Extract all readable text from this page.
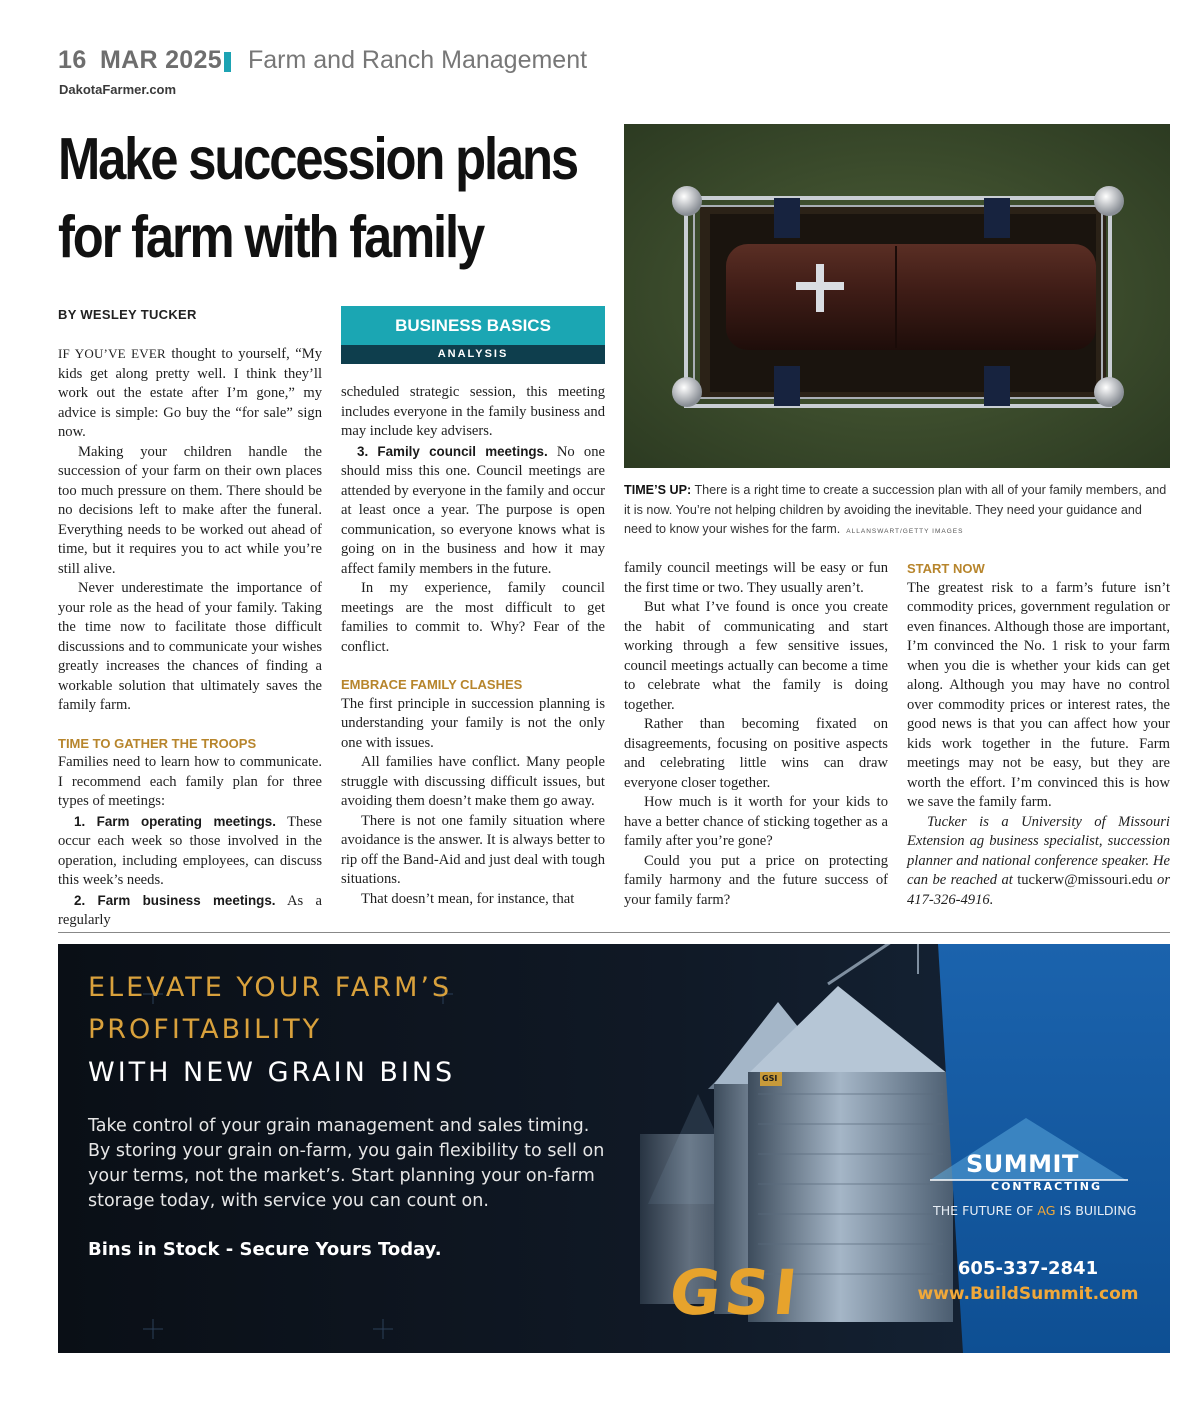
16 MAR 2025 Farm and Ranch Management
DakotaFarmer.com
Make succession plans
for farm with family
BY WESLEY TUCKER
BUSINESS BASICS
ANALYSIS

IF YOU’VE EVER thought to yourself, “My kids get along pretty well. I think they’ll work out the estate after I’m gone,” my advice is simple: Go buy the “for sale” sign now.

Making your children handle the succession of your farm on their own places too much pressure on them. There should be no decisions left to make after the funeral. Everything needs to be worked out ahead of time, but it requires you to act while you’re still alive.

Never underestimate the importance of your role as the head of your family. Taking the time now to facilitate those difficult discussions and to communicate your wishes greatly increases the chances of finding a workable solution that ultimately saves the family farm.

TIME TO GATHER THE TROOPS

Families need to learn how to communicate. I recommend each family plan for three types of meetings:

1. Farm operating meetings. These occur each week so those involved in the operation, including employees, can discuss this week’s needs.

2. Farm business meetings. As a regularly

scheduled strategic session, this meeting includes everyone in the family business and may include key advisers.

3. Family council meetings. No one should miss this one. Council meetings are attended by everyone in the family and occur at least once a year. The purpose is open communication, so everyone knows what is going on in the business and how it may affect family members in the future.

In my experience, family council meetings are the most difficult to get families to commit to. Why? Fear of the conflict.

EMBRACE FAMILY CLASHES

The first principle in succession planning is understanding your family is not the only one with issues.

All families have conflict. Many people struggle with discussing difficult issues, but avoiding them doesn’t make them go away.

There is not one family situation where avoidance is the answer. It is always better to rip off the Band-Aid and just deal with tough situations.

That doesn’t mean, for instance, that

TIME’S UP: There is a right time to create a succession plan with all of your family members, and it is now. You’re not helping children by avoiding the inevitable. They need your guidance and need to know your wishes for the farm. ALLANSWART/GETTY IMAGES

family council meetings will be easy or fun the first time or two. They usually aren’t.

But what I’ve found is once you create the habit of communicating and start working through a few sensitive issues, council meetings actually can become a time to celebrate what the family is doing together.

Rather than becoming fixated on disagreements, focusing on positive aspects and celebrating little wins can draw everyone closer together.

How much is it worth for your kids to have a better chance of sticking together as a family after you’re gone?

Could you put a price on protecting family harmony and the future success of your family farm?

START NOW

The greatest risk to a farm’s future isn’t commodity prices, government regulation or even finances. Although those are important, I’m convinced the No. 1 risk to your farm when you die is whether your kids can get along. Although you may have no control over commodity prices or interest rates, the good news is that you can affect how your kids work together in the future. Farm meetings may not be easy, but they are worth the effort. I’m convinced this is how we save the family farm.

Tucker is a University of Missouri Extension ag business specialist, succession planner and national conference speaker. He can be reached at tuckerw@missouri.edu or 417-326-4916.

ELEVATE YOUR FARM’S
PROFITABILITY
WITH NEW GRAIN BINS
Take control of your grain management and sales timing. By storing your grain on-farm, you gain flexibility to sell on your terms, not the market’s. Start planning your on-farm storage today, with service you can count on.
Bins in Stock - Secure Yours Today.
GSI
GSI
SUMMIT
CONTRACTING
THE FUTURE OF AG IS BUILDING
605-337-2841
www.BuildSummit.com
